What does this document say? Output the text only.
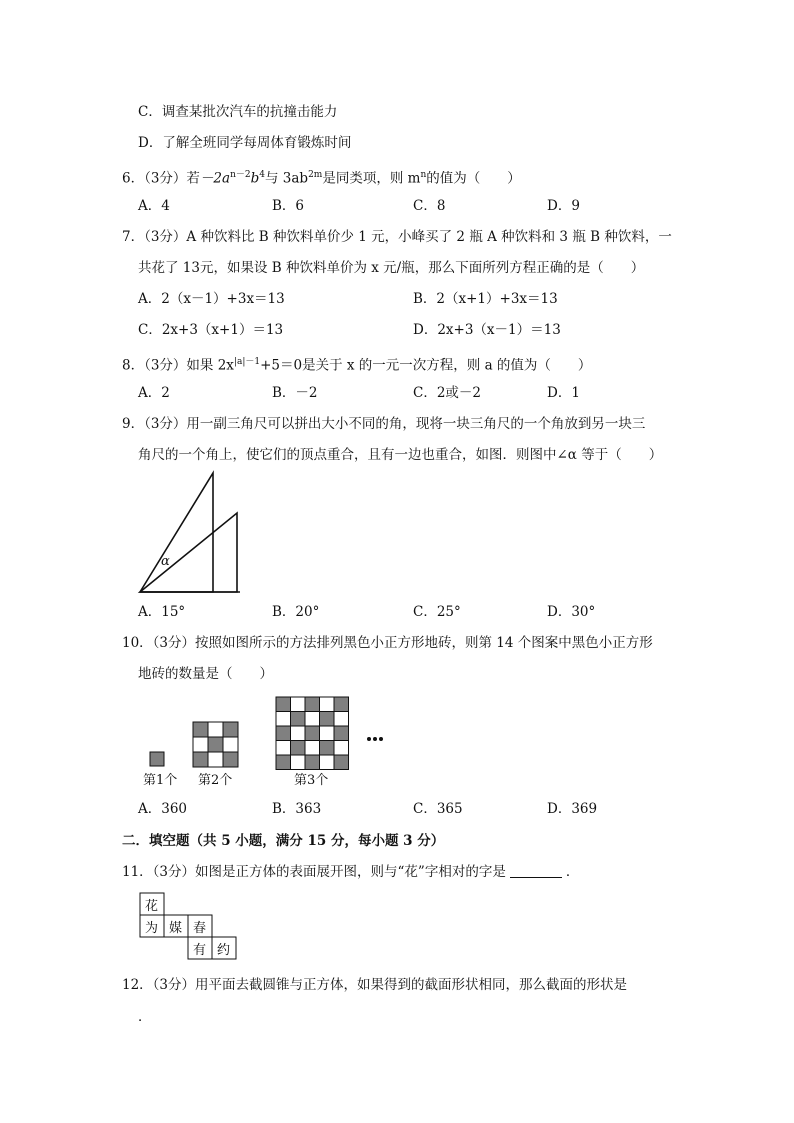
C．调查某批次汽车的抗撞击能力
D．了解全班同学每周体育锻炼时间
6．（3分）若$-2a^{n-2}b^4$与 $3ab^{2m}$是同类项，则 $m^n$的值为（　　）
A．4	B．6	C．8	D．9
7．（3分）A 种饮料比 B 种饮料单价少 1 元，小峰买了 2 瓶 A 种饮料和 3 瓶 B 种饮料，一
共花了 13元，如果设 B 种饮料单价为 x 元/瓶，那么下面所列方程正确的是（　　）
A．2（x－1）+3x＝13	B．2（x+1）+3x＝13
C．2x+3（x+1）＝13	D．2x+3（x－1）＝13
8．（3分）如果 $2x^{|a|-1}+5=0$是关于 x 的一元一次方程，则 a 的值为（　　）
A．2	B．－2	C．2或－2	D．1
9．（3分）用一副三角尺可以拼出大小不同的角，现将一块三角尺的一个角放到另一块三
角尺的一个角上，使它们的顶点重合，且有一边也重合，如图．则图中∠α 等于（　　）
α
A．15°	B．20°	C．25°	D．30°
10．（3分）按照如图所示的方法排列黑色小正方形地砖，则第 14 个图案中黑色小正方形
地砖的数量是（　　）
第1个 第2个	第3个
A．360	B．363	C．365	D．369
二．填空题（共 5 小题，满分 15 分，每小题 3 分）
11．（3分）如图是正方体的表面展开图，则与“花”字相对的字是	．
花
为 媒 春
有 约
12．（3分）用平面去截圆锥与正方体，如果得到的截面形状相同，那么截面的形状是
．
